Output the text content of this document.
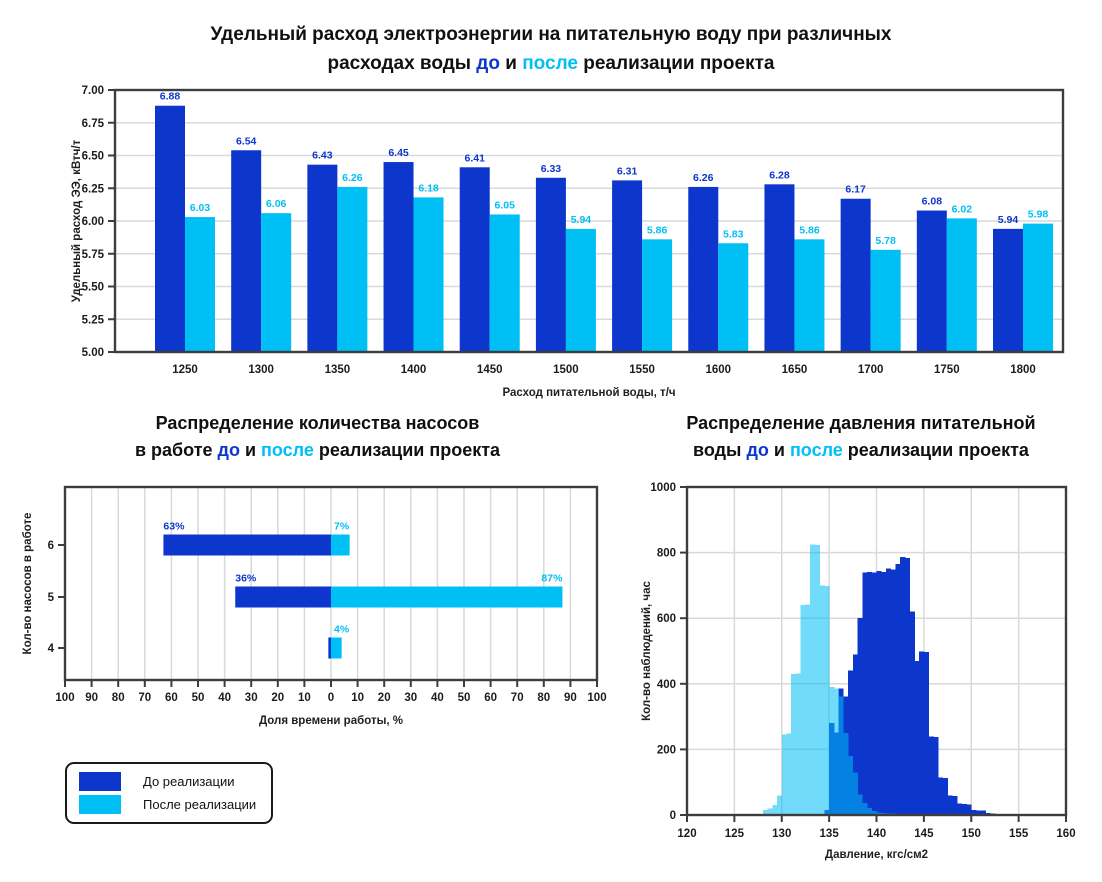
Удельный расход электроэнергии на питательную воду при различных
расходах воды до и после реализации проекта
Распределение количества насосов
в работе до и после реализации проекта
Распределение давления питательной
воды до и после реализации проекта
6.88
6.03
6.54
6.06
6.43
6.26
6.45
6.18
6.41
6.05
6.33
5.94
6.31
5.86
6.26
5.83
6.28
5.86
6.17
5.78
6.08
6.02
5.94 5.98
1250	1300	1350	1400	1450	1500	1550	1600	1650	1700	1750	1800
5.00
5.25
5.50
5.75
6.00
6.25
6.50
6.75
7.00
Расход питательной воды, т/ч
Удельный расход ЭЭ, кВтч/т
63%	7%
36%	87%
4%
6
5
4
100 90 80 70 60 50 40 30 20 10 0 10 20 30 40 50 60 70 80 90 100
Доля времени работы, %
Кол-во насосов в работе
120 125 130 135 140 145 150 155 160
0
200
400
600
800
1000
Давление, кгс/см2
Кол-во наблюдений, час
До реализации
После реализации
